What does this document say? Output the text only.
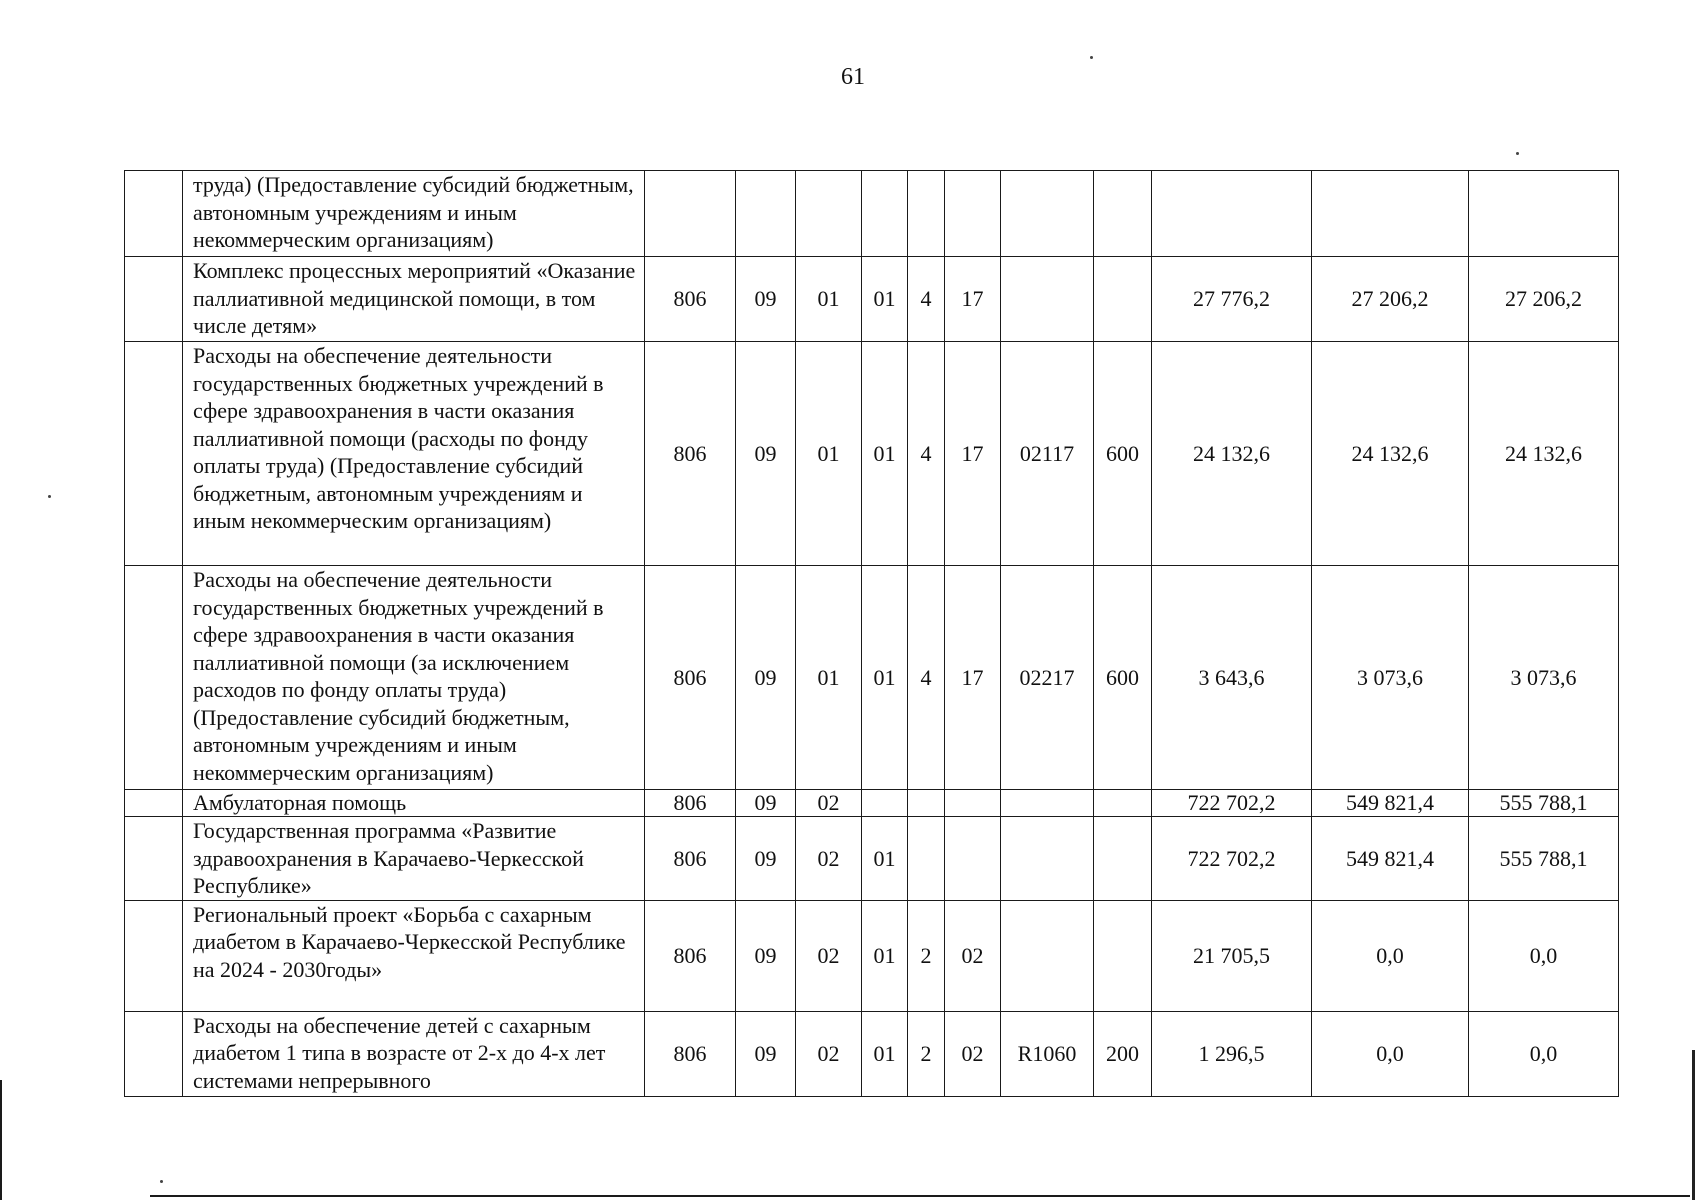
61
	труда) (Предоставление субсидий бюджетным, автономным учреждениям и иным некоммерческим организациям)											
	Комплекс процессных мероприятий «Оказание паллиативной медицинской помощи, в том числе детям»	806	09	01	01	4	17			27 776,2	27 206,2	27 206,2
	Расходы на обеспечение деятельности государственных бюджетных учреждений в сфере здравоохранения в части оказания паллиативной помощи (расходы по фонду оплаты труда) (Предоставление субсидий бюджетным, автономным учреждениям и иным некоммерческим организациям)	806	09	01	01	4	17	02117	600	24 132,6	24 132,6	24 132,6
	Расходы на обеспечение деятельности государственных бюджетных учреждений в сфере здравоохранения в части оказания паллиативной помощи (за исключением расходов по фонду оплаты труда) (Предоставление субсидий бюджетным, автономным учреждениям и иным некоммерческим организациям)	806	09	01	01	4	17	02217	600	3 643,6	3 073,6	3 073,6
	Амбулаторная помощь	806	09	02						722 702,2	549 821,4	555 788,1
	Государственная программа «Развитие здравоохранения в Карачаево-Черкесской Республике»	806	09	02	01					722 702,2	549 821,4	555 788,1
	Региональный проект «Борьба с сахарным диабетом в Карачаево-Черкесской Республике на 2024 - 2030годы»	806	09	02	01	2	02			21 705,5	0,0	0,0
	Расходы на обеспечение детей с сахарным диабетом 1 типа в возрасте от 2-х до 4-х лет системами непрерывного	806	09	02	01	2	02	R1060	200	1 296,5	0,0	0,0
